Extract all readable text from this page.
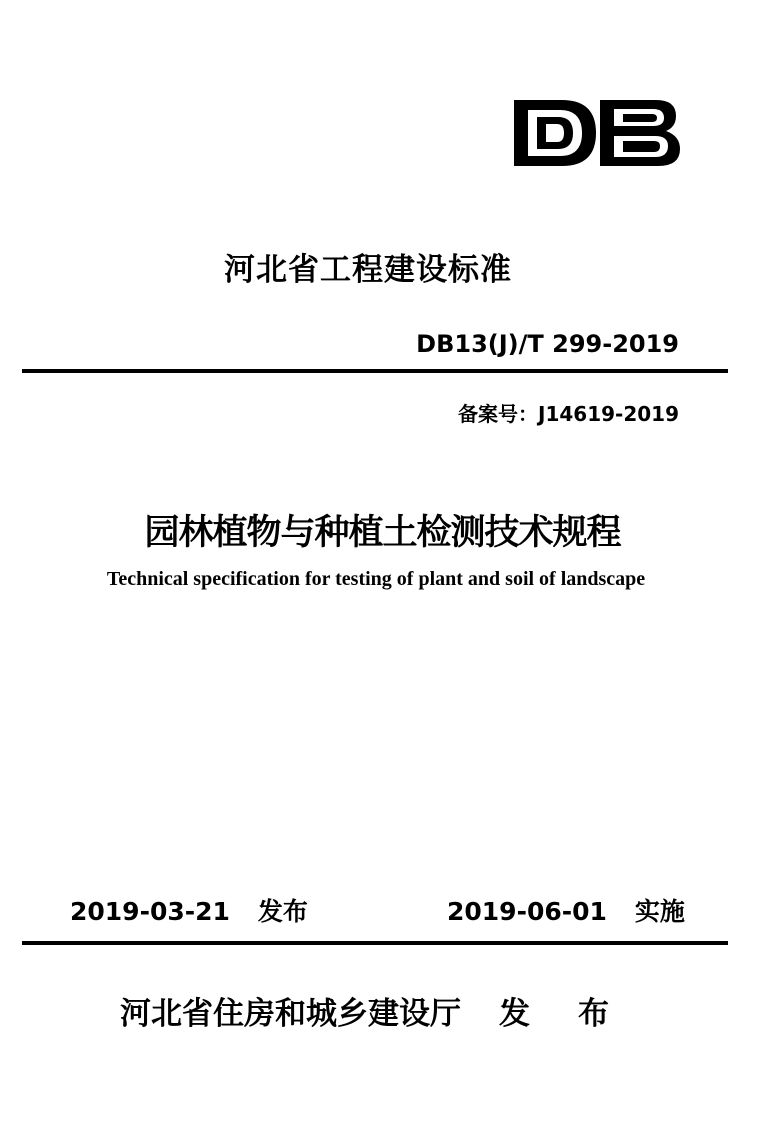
河北省工程建设标准
DB13(J)/T 299-2019
备案号：J14619-2019
园林植物与种植土检测技术规程
Technical specification for testing of plant and soil of landscape
2019-03-21 发布	2019-06-01 实施
河北省住房和城乡建设厅 发布
